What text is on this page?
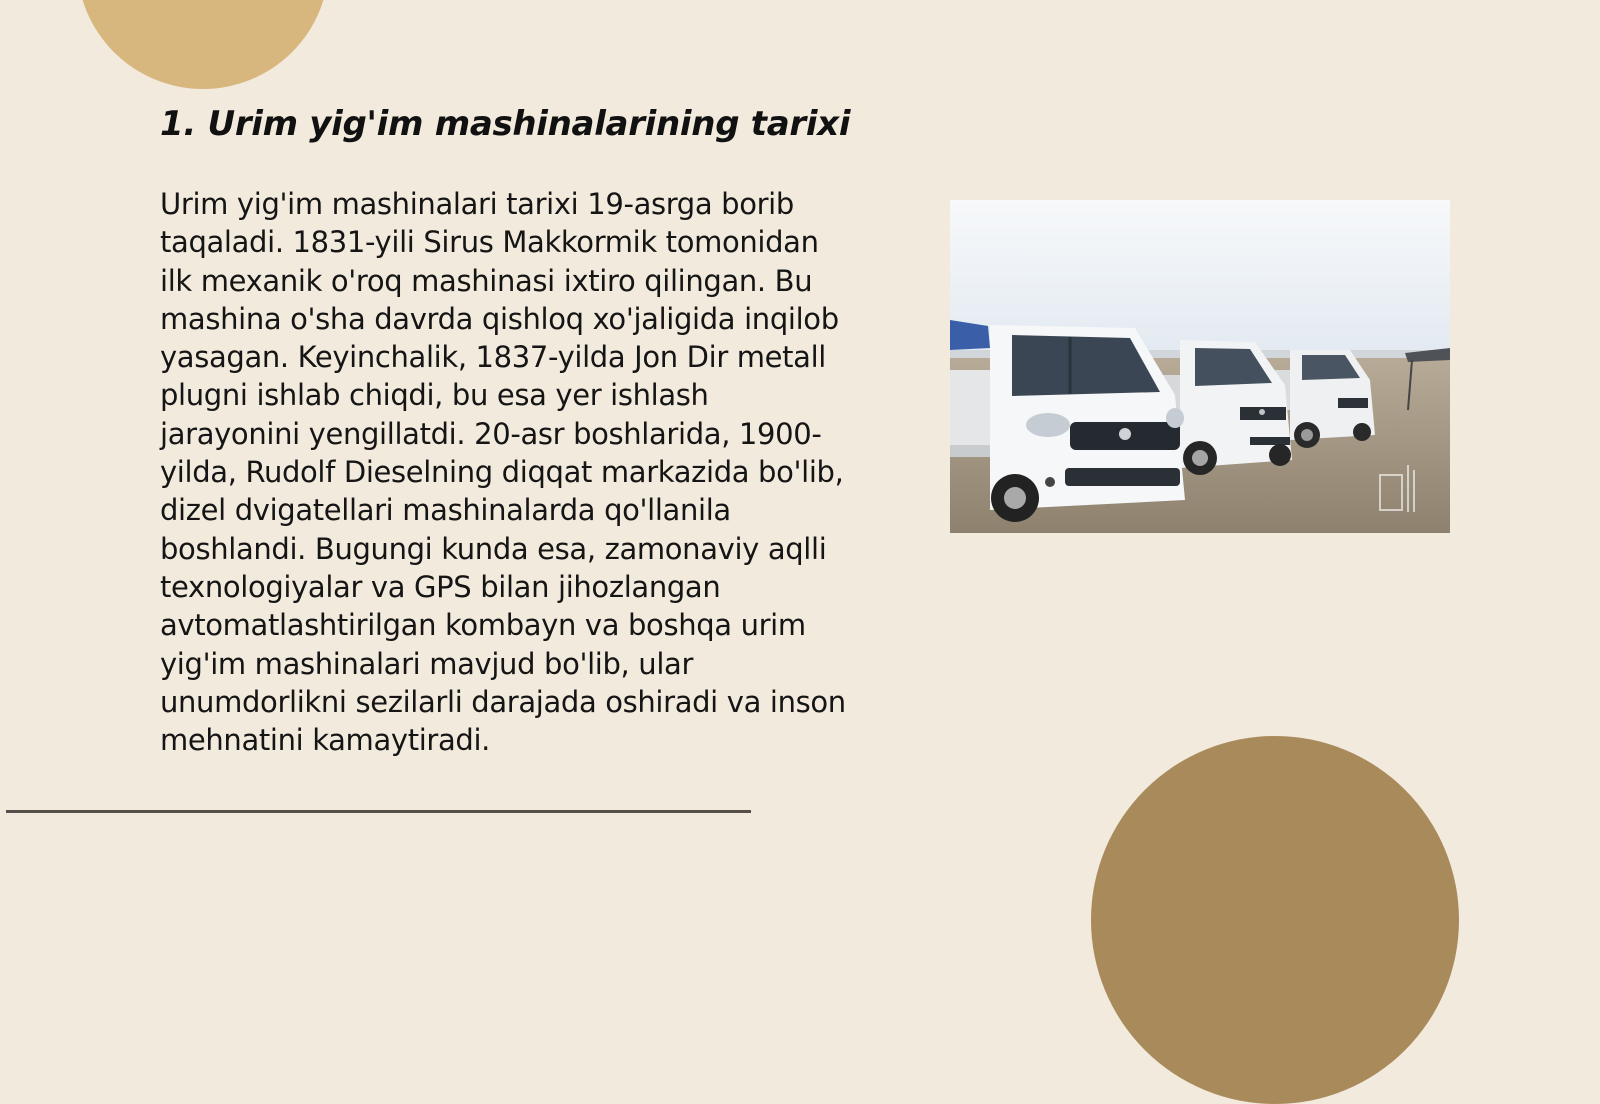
1. Urim yig'im mashinalarining tarixi

Urim yig'im mashinalari tarixi 19-asrga borib taqaladi. 1831-yili Sirus Makkormik tomonidan ilk mexanik o'roq mashinasi ixtiro qilingan. Bu mashina o'sha davrda qishloq xo'jaligida inqilob yasagan. Keyinchalik, 1837-yilda Jon Dir metall plugni ishlab chiqdi, bu esa yer ishlash jarayonini yengillatdi. 20-asr boshlarida, 1900-yilda, Rudolf Dieselning diqqat markazida bo'lib, dizel dvigatellari mashinalarda qo'llanila boshlandi. Bugungi kunda esa, zamonaviy aqlli texnologiyalar va GPS bilan jihozlangan avtomatlashtirilgan kombayn va boshqa urim yig'im mashinalari mavjud bo'lib, ular unumdorlikni sezilarli darajada oshiradi va inson mehnatini kamaytiradi.
